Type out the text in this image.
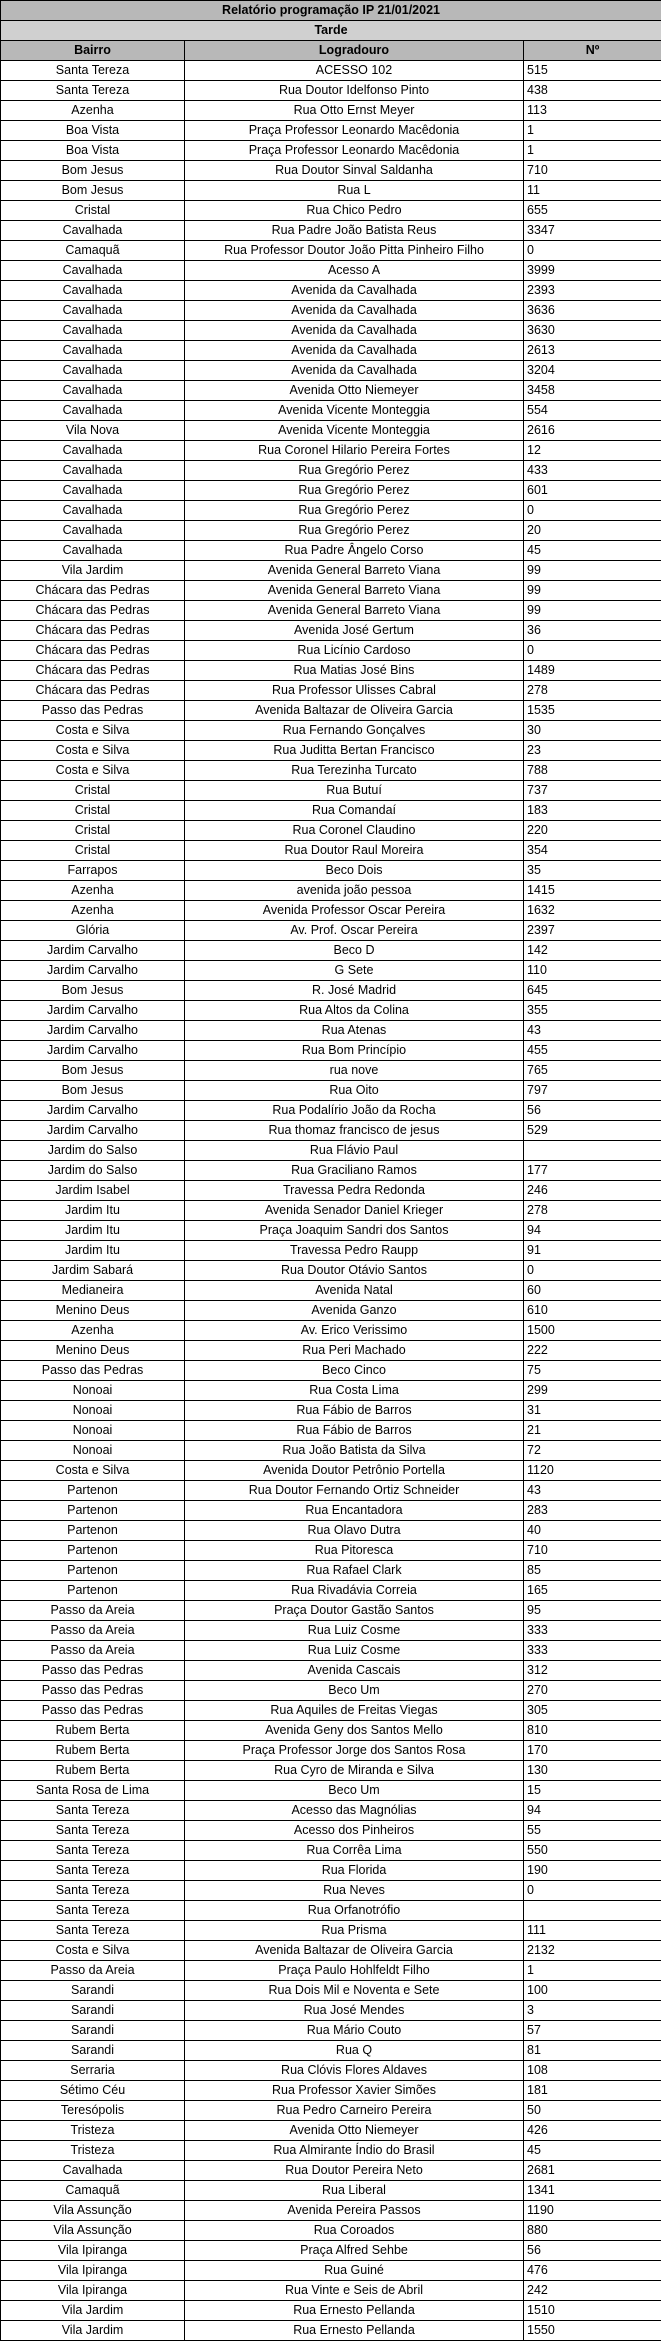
Relatório programação IP 21/01/2021		
Tarde		
Bairro	Logradouro	Nº
Santa Tereza	ACESSO 102	515
Santa Tereza	Rua Doutor Idelfonso Pinto	438
Azenha	Rua Otto Ernst Meyer	113
Boa Vista	Praça Professor Leonardo Macêdonia	1
Boa Vista	Praça Professor Leonardo Macêdonia	1
Bom Jesus	Rua Doutor Sinval Saldanha	710
Bom Jesus	Rua L	11
Cristal	Rua Chico Pedro	655
Cavalhada	Rua Padre João Batista Reus	3347
Camaquã	Rua Professor Doutor João Pitta Pinheiro Filho	0
Cavalhada	Acesso A	3999
Cavalhada	Avenida da Cavalhada	2393
Cavalhada	Avenida da Cavalhada	3636
Cavalhada	Avenida da Cavalhada	3630
Cavalhada	Avenida da Cavalhada	2613
Cavalhada	Avenida da Cavalhada	3204
Cavalhada	Avenida Otto Niemeyer	3458
Cavalhada	Avenida Vicente Monteggia	554
Vila Nova	Avenida Vicente Monteggia	2616
Cavalhada	Rua Coronel Hilario Pereira Fortes	12
Cavalhada	Rua Gregório Perez	433
Cavalhada	Rua Gregório Perez	601
Cavalhada	Rua Gregório Perez	0
Cavalhada	Rua Gregório Perez	20
Cavalhada	Rua Padre Ângelo Corso	45
Vila Jardim	Avenida General Barreto Viana	99
Chácara das Pedras	Avenida General Barreto Viana	99
Chácara das Pedras	Avenida General Barreto Viana	99
Chácara das Pedras	Avenida José Gertum	36
Chácara das Pedras	Rua Licínio Cardoso	0
Chácara das Pedras	Rua Matias José Bins	1489
Chácara das Pedras	Rua Professor Ulisses Cabral	278
Passo das Pedras	Avenida Baltazar de Oliveira Garcia	1535
Costa e Silva	Rua Fernando Gonçalves	30
Costa e Silva	Rua Juditta Bertan Francisco	23
Costa e Silva	Rua Terezinha Turcato	788
Cristal	Rua Butuí	737
Cristal	Rua Comandaí	183
Cristal	Rua Coronel Claudino	220
Cristal	Rua Doutor Raul Moreira	354
Farrapos	Beco Dois	35
Azenha	avenida joão pessoa	1415
Azenha	Avenida Professor Oscar Pereira	1632
Glória	Av. Prof. Oscar Pereira	2397
Jardim Carvalho	Beco D	142
Jardim Carvalho	G Sete	110
Bom Jesus	R. José Madrid	645
Jardim Carvalho	Rua Altos da Colina	355
Jardim Carvalho	Rua Atenas	43
Jardim Carvalho	Rua Bom Princípio	455
Bom Jesus	rua nove	765
Bom Jesus	Rua Oito	797
Jardim Carvalho	Rua Podalírio João da Rocha	56
Jardim Carvalho	Rua thomaz francisco de jesus	529
Jardim do Salso	Rua Flávio Paul	
Jardim do Salso	Rua Graciliano Ramos	177
Jardim Isabel	Travessa Pedra Redonda	246
Jardim Itu	Avenida Senador Daniel Krieger	278
Jardim Itu	Praça Joaquim Sandri dos Santos	94
Jardim Itu	Travessa Pedro Raupp	91
Jardim Sabará	Rua Doutor Otávio Santos	0
Medianeira	Avenida Natal	60
Menino Deus	Avenida Ganzo	610
Azenha	Av. Erico Verissimo	1500
Menino Deus	Rua Peri Machado	222
Passo das Pedras	Beco Cinco	75
Nonoai	Rua Costa Lima	299
Nonoai	Rua Fábio de Barros	31
Nonoai	Rua Fábio de Barros	21
Nonoai	Rua João Batista da Silva	72
Costa e Silva	Avenida Doutor Petrônio Portella	1120
Partenon	Rua Doutor Fernando Ortiz Schneider	43
Partenon	Rua Encantadora	283
Partenon	Rua Olavo Dutra	40
Partenon	Rua Pitoresca	710
Partenon	Rua Rafael Clark	85
Partenon	Rua Rivadávia Correia	165
Passo da Areia	Praça Doutor Gastão Santos	95
Passo da Areia	Rua Luiz Cosme	333
Passo da Areia	Rua Luiz Cosme	333
Passo das Pedras	Avenida Cascais	312
Passo das Pedras	Beco Um	270
Passo das Pedras	Rua Aquiles de Freitas Viegas	305
Rubem Berta	Avenida Geny dos Santos Mello	810
Rubem Berta	Praça Professor Jorge dos Santos Rosa	170
Rubem Berta	Rua Cyro de Miranda e Silva	130
Santa Rosa de Lima	Beco Um	15
Santa Tereza	Acesso das Magnólias	94
Santa Tereza	Acesso dos Pinheiros	55
Santa Tereza	Rua Corrêa Lima	550
Santa Tereza	Rua Florida	190
Santa Tereza	Rua Neves	0
Santa Tereza	Rua Orfanotrófio	
Santa Tereza	Rua Prisma	111
Costa e Silva	Avenida Baltazar de Oliveira Garcia	2132
Passo da Areia	Praça Paulo Hohlfeldt Filho	1
Sarandi	Rua Dois Mil e Noventa e Sete	100
Sarandi	Rua José Mendes	3
Sarandi	Rua Mário Couto	57
Sarandi	Rua Q	81
Serraria	Rua Clóvis Flores Aldaves	108
Sétimo Céu	Rua Professor Xavier Simões	181
Teresópolis	Rua Pedro Carneiro Pereira	50
Tristeza	Avenida Otto Niemeyer	426
Tristeza	Rua Almirante Índio do Brasil	45
Cavalhada	Rua Doutor Pereira Neto	2681
Camaquã	Rua Liberal	1341
Vila Assunção	Avenida Pereira Passos	1190
Vila Assunção	Rua Coroados	880
Vila Ipiranga	Praça Alfred Sehbe	56
Vila Ipiranga	Rua Guiné	476
Vila Ipiranga	Rua Vinte e Seis de Abril	242
Vila Jardim	Rua Ernesto Pellanda	1510
Vila Jardim	Rua Ernesto Pellanda	1550
